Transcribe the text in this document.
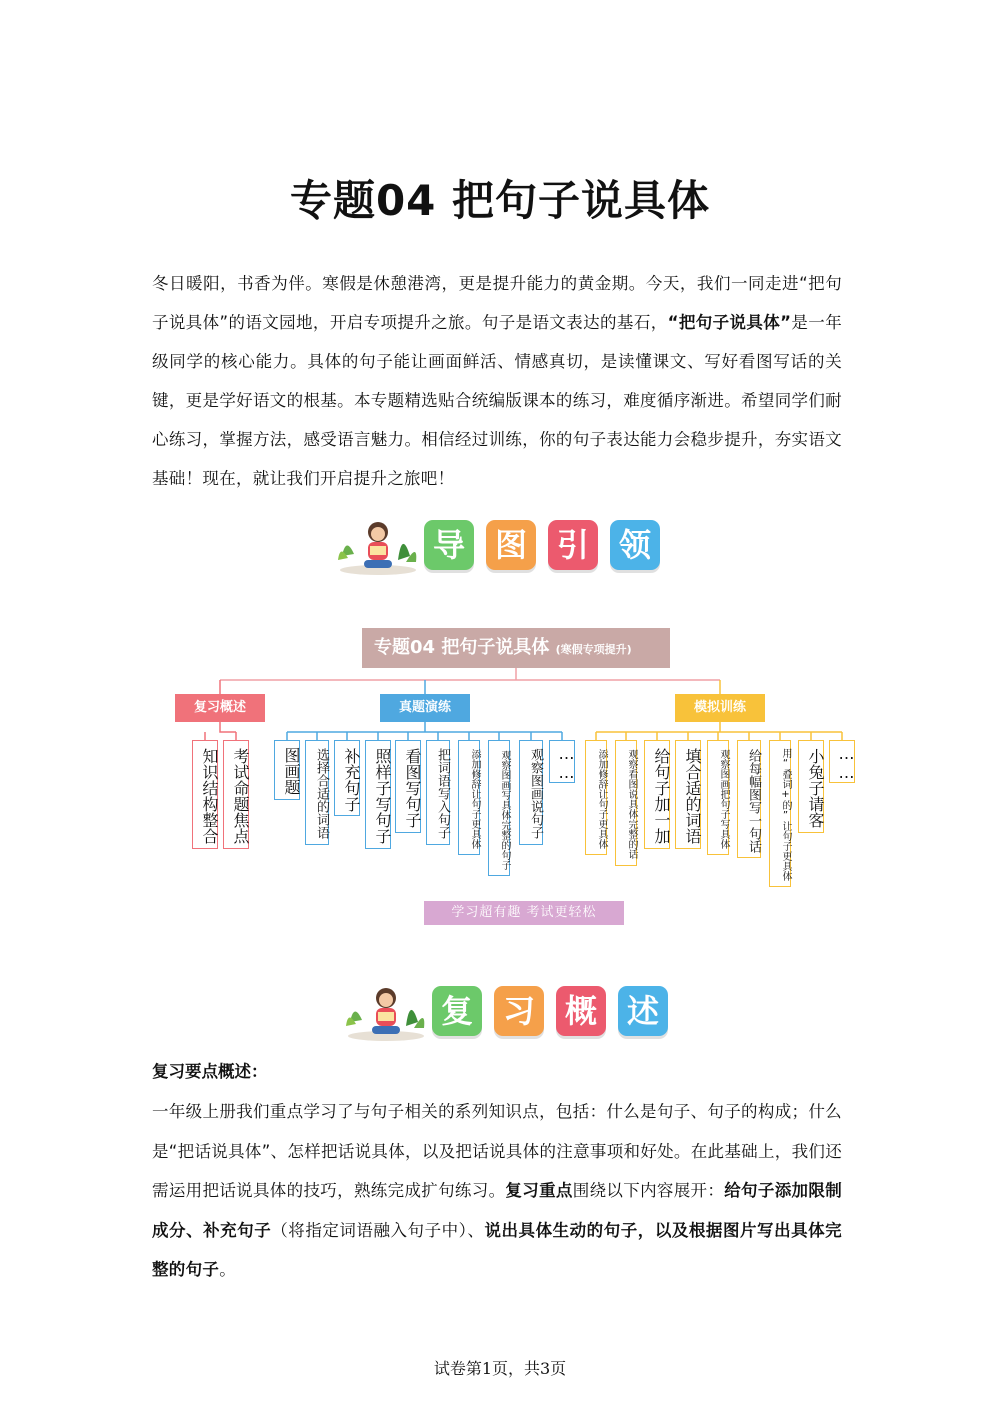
专题04 把句子说具体
冬日暖阳，书香为伴。寒假是休憩港湾，更是提升能力的黄金期。今天，我们一同走进“把句子说具体”的语文园地，开启专项提升之旅。句子是语文表达的基石，“把句子说具体”是一年级同学的核心能力。具体的句子能让画面鲜活、情感真切，是读懂课文、写好看图写话的关键，更是学好语文的根基。本专题精选贴合统编版课本的练习，难度循序渐进。希望同学们耐心练习，掌握方法，感受语言魅力。相信经过训练，你的句子表达能力会稳步提升，夯实语文基础！现在，就让我们开启提升之旅吧！
导 图 引 领
专题04 把句子说具体 (寒假专项提升)
复习概述	真题演练	模拟训练
知识结构整合 考试命题焦点	图画题	选择合适的词语 补充句子 照样子写句子 看图写句子	把词语写入句子	添加修辞让句子更具体	观察图画写具体完整的句子	观察图画说句子 ……	添加修辞让句子更具体	观察看图说具体完整的话 给句子加一加 填合适的词语	观察图画把句子写具体	给每幅图写一句话	用“叠词+的”让句子更具体 小兔子请客 ……
学习超有趣 考试更轻松
复 习 概 述
复习要点概述：
一年级上册我们重点学习了与句子相关的系列知识点，包括：什么是句子、句子的构成；什么是“把话说具体”、怎样把话说具体，以及把话说具体的注意事项和好处。在此基础上，我们还需运用把话说具体的技巧，熟练完成扩句练习。复习重点围绕以下内容展开：给句子添加限制成分、补充句子（将指定词语融入句子中）、说出具体生动的句子，以及根据图片写出具体完整的句子。
试卷第1页，共3页
